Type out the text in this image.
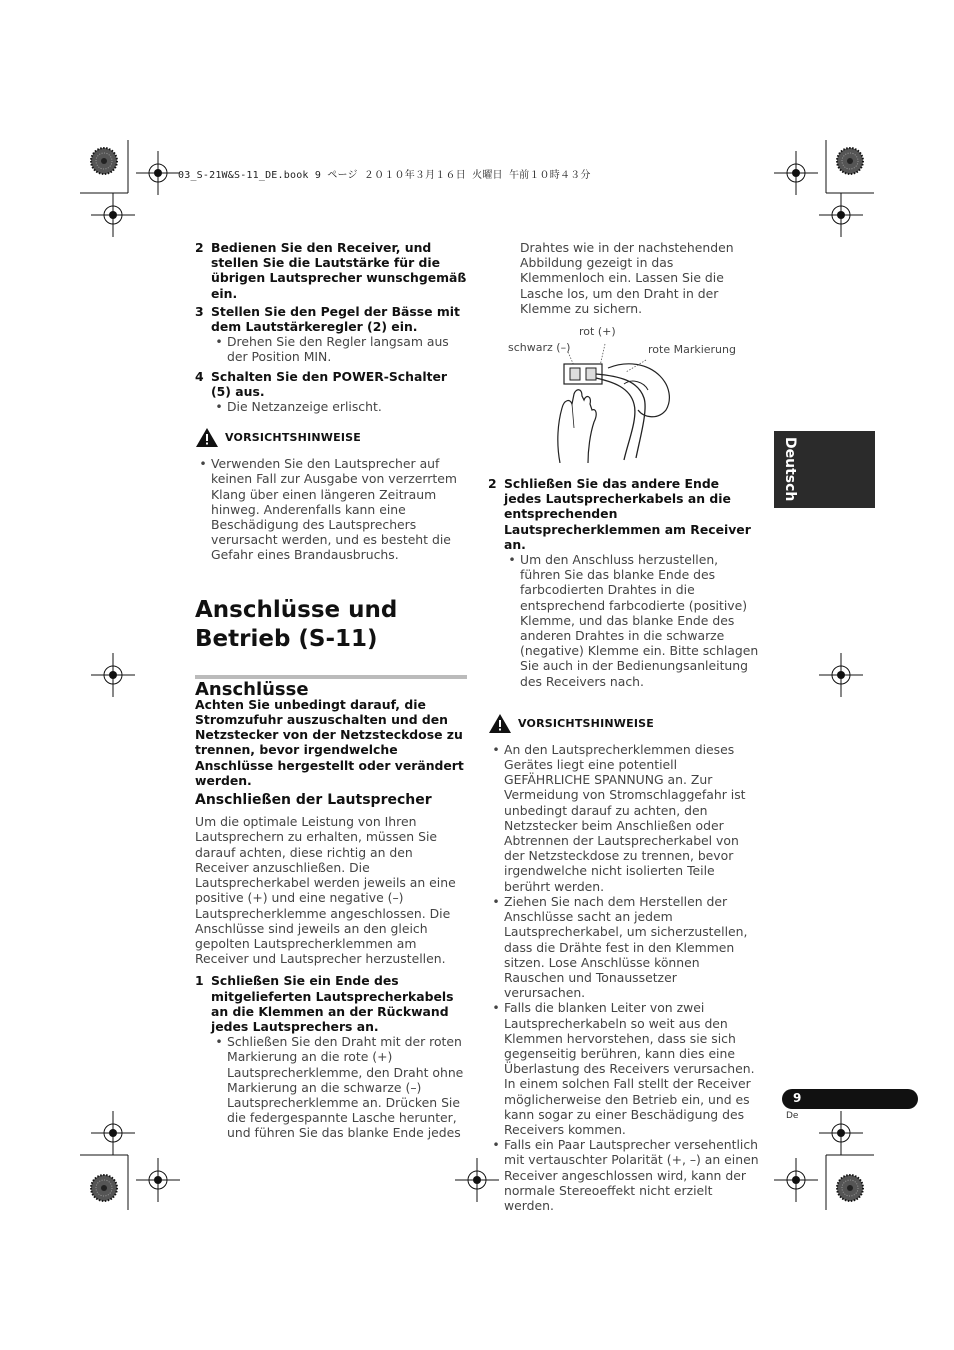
03_S-21W&S-11_DE.book 9 ページ ２０１０年３月１６日 火曜日 午前１０時４３分
2 Bedienen Sie den Receiver, und stellen Sie die Lautstärke für die übrigen Lautsprecher wunschgemäß ein.
3 Stellen Sie den Pegel der Bässe mit dem Lautstärkeregler (2) ein.
• Drehen Sie den Regler langsam aus der Position MIN.
4 Schalten Sie den POWER-Schalter (5) aus.
• Die Netzanzeige erlischt.
VORSICHTSHINWEISE
• Verwenden Sie den Lautsprecher auf keinen Fall zur Ausgabe von verzerrtem Klang über einen längeren Zeitraum hinweg. Anderenfalls kann eine Beschädigung des Lautsprechers verursacht werden, und es besteht die Gefahr eines Brandausbruchs.
Anschlüsse und Betrieb (S-11)
Anschlüsse
Achten Sie unbedingt darauf, die Stromzufuhr auszuschalten und den Netzstecker von der Netzsteckdose zu trennen, bevor irgendwelche Anschlüsse hergestellt oder verändert werden.
Anschließen der Lautsprecher
Um die optimale Leistung von Ihren Lautsprechern zu erhalten, müssen Sie darauf achten, diese richtig an den Receiver anzuschließen. Die Lautsprecherkabel werden jeweils an eine positive (+) und eine negative (–) Lautsprecherklemme angeschlossen. Die Anschlüsse sind jeweils an den gleich gepolten Lautsprecherklemmen am Receiver und Lautsprecher herzustellen.
1 Schließen Sie ein Ende des mitgelieferten Lautsprecherkabels an die Klemmen an der Rückwand jedes Lautsprechers an.
• Schließen Sie den Draht mit der roten Markierung an die rote (+) Lautsprecherklemme, den Draht ohne Markierung an die schwarze (–) Lautsprecherklemme an. Drücken Sie die federgespannte Lasche herunter, und führen Sie das blanke Ende jedes
Drahtes wie in der nachstehenden Abbildung gezeigt in das Klemmenloch ein. Lassen Sie die Lasche los, um den Draht in der Klemme zu sichern.
schwarz (–)
rot (+)
rote Markierung
2 Schließen Sie das andere Ende jedes Lautsprecherkabels an die entsprechenden Lautsprecherklemmen am Receiver an.
• Um den Anschluss herzustellen, führen Sie das blanke Ende des farbcodierten Drahtes in die entsprechend farbcodierte (positive) Klemme, und das blanke Ende des anderen Drahtes in die schwarze (negative) Klemme ein. Bitte schlagen Sie auch in der Bedienungsanleitung des Receivers nach.
VORSICHTSHINWEISE
• An den Lautsprecherklemmen dieses Gerätes liegt eine potentiell GEFÄHRLICHE SPANNUNG an. Zur Vermeidung von Stromschlaggefahr ist unbedingt darauf zu achten, den Netzstecker beim Anschließen oder Abtrennen der Lautsprecherkabel von der Netzsteckdose zu trennen, bevor irgendwelche nicht isolierten Teile berührt werden.
• Ziehen Sie nach dem Herstellen der Anschlüsse sacht an jedem Lautsprecherkabel, um sicherzustellen, dass die Drähte fest in den Klemmen sitzen. Lose Anschlüsse können Rauschen und Tonaussetzer verursachen.
• Falls die blanken Leiter von zwei Lautsprecherkabeln so weit aus den Klemmen hervorstehen, dass sie sich gegenseitig berühren, kann dies eine Überlastung des Receivers verursachen. In einem solchen Fall stellt der Receiver möglicherweise den Betrieb ein, und es kann sogar zu einer Beschädigung des Receivers kommen.
• Falls ein Paar Lautsprecher versehentlich mit vertauschter Polarität (+, –) an einen Receiver angeschlossen wird, kann der normale Stereoeffekt nicht erzielt werden.
Deutsch
9
De
